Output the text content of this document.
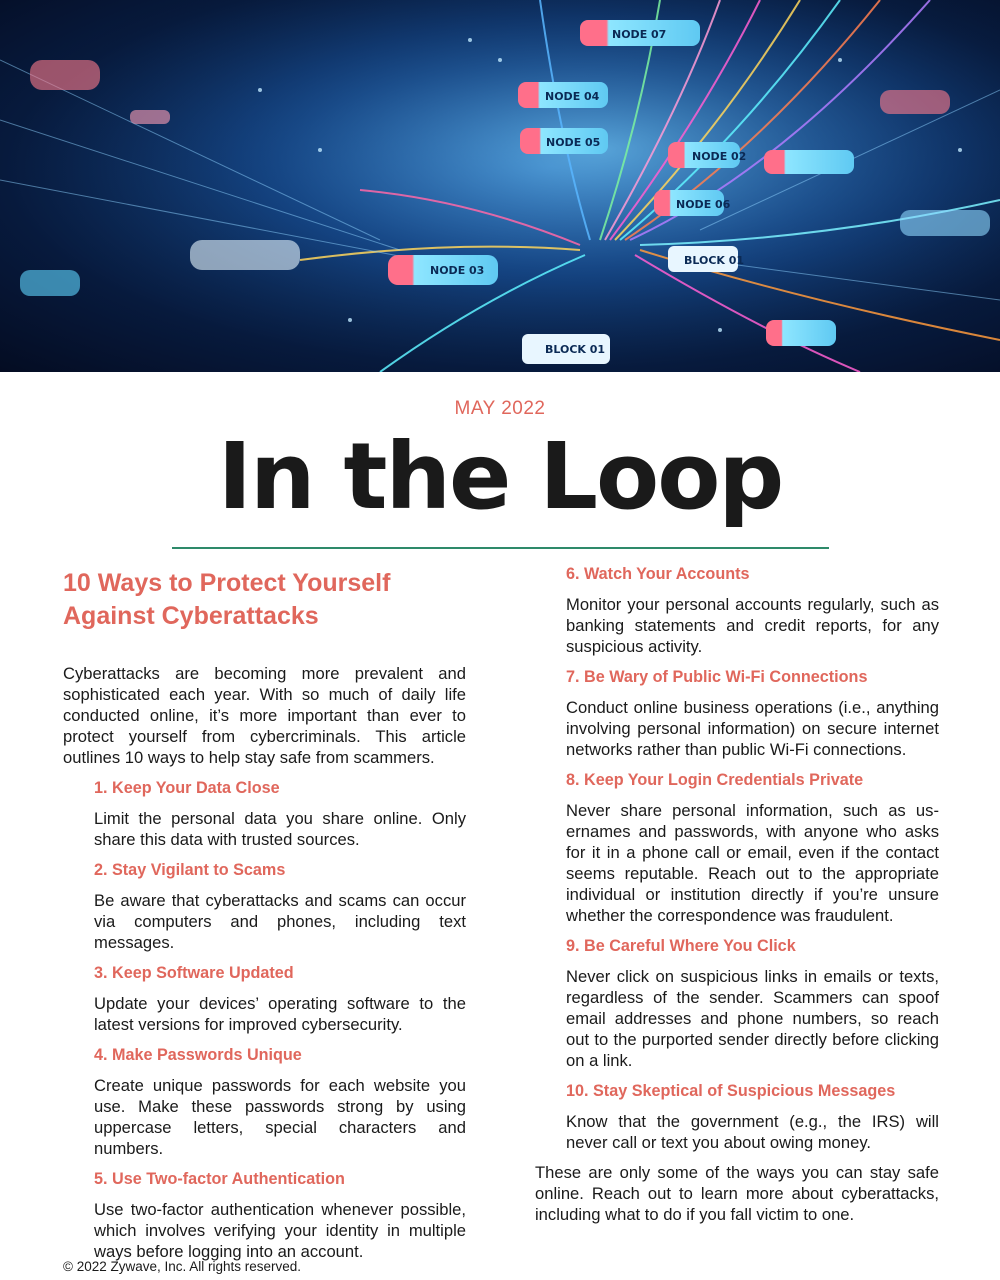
NODE 07
NODE 04
NODE 05
NODE 02
NODE 06
BLOCK 01
NODE 03
BLOCK 01
MAY 2022
In the Loop
10 Ways to Protect Yourself Against Cyberattacks

Cyberattacks are becoming more prevalent and sophisticated each year. With so much of daily life conducted online, it’s more important than ever to protect yourself from cybercriminals. This article outlines 10 ways to help stay safe from scammers.

1. Keep Your Data Close

Limit the personal data you share online. Only share this data with trusted sources.

2. Stay Vigilant to Scams

Be aware that cyberattacks and scams can occur via computers and phones, including text messages.

3. Keep Software Updated

Update your devices’ operating software to the latest versions for improved cybersecurity.

4. Make Passwords Unique

Create unique passwords for each website you use. Make these passwords strong by using uppercase letters, special characters and numbers.

5. Use Two-factor Authentication

Use two-factor authentication whenever possible, which involves verifying your identity in multiple ways before logging into an account.

6. Watch Your Accounts

Monitor your personal accounts regularly, such as banking statements and credit reports, for any suspicious activity.

7. Be Wary of Public Wi-Fi Connections

Conduct online business operations (i.e., anything involving personal information) on secure internet networks rather than public Wi-Fi connections.

8. Keep Your Login Credentials Private

Never share personal information, such as usernames and passwords, with anyone who asks for it in a phone call or email, even if the contact seems reputable. Reach out to the appropriate individual or institution directly if you’re unsure whether the correspondence was fraudulent.

9. Be Careful Where You Click

Never click on suspicious links in emails or texts, regardless of the sender. Scammers can spoof email addresses and phone numbers, so reach out to the purported sender directly before clicking on a link.

10. Stay Skeptical of Suspicious Messages

Know that the government (e.g., the IRS) will never call or text you about owing money.

These are only some of the ways you can stay safe online. Reach out to learn more about cyberattacks, including what to do if you fall victim to one.

© 2022 Zywave, Inc. All rights reserved.
